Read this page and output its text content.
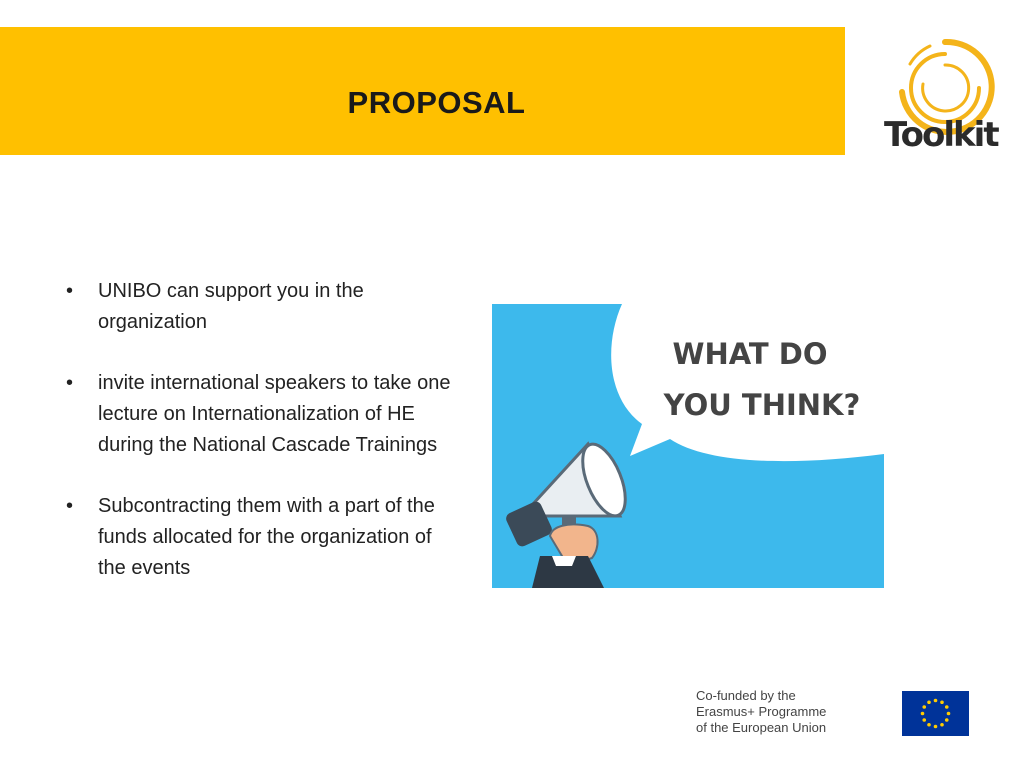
PROPOSAL
Toolkit
• UNIBO can support you in the organization
• invite international speakers to take one lecture on Internationalization of HE during the National Cascade Trainings
• Subcontracting them with a part of the funds allocated for the organization of the events
WHAT DO
YOU THINK?
Co-funded by the
Erasmus+ Programme
of the European Union
